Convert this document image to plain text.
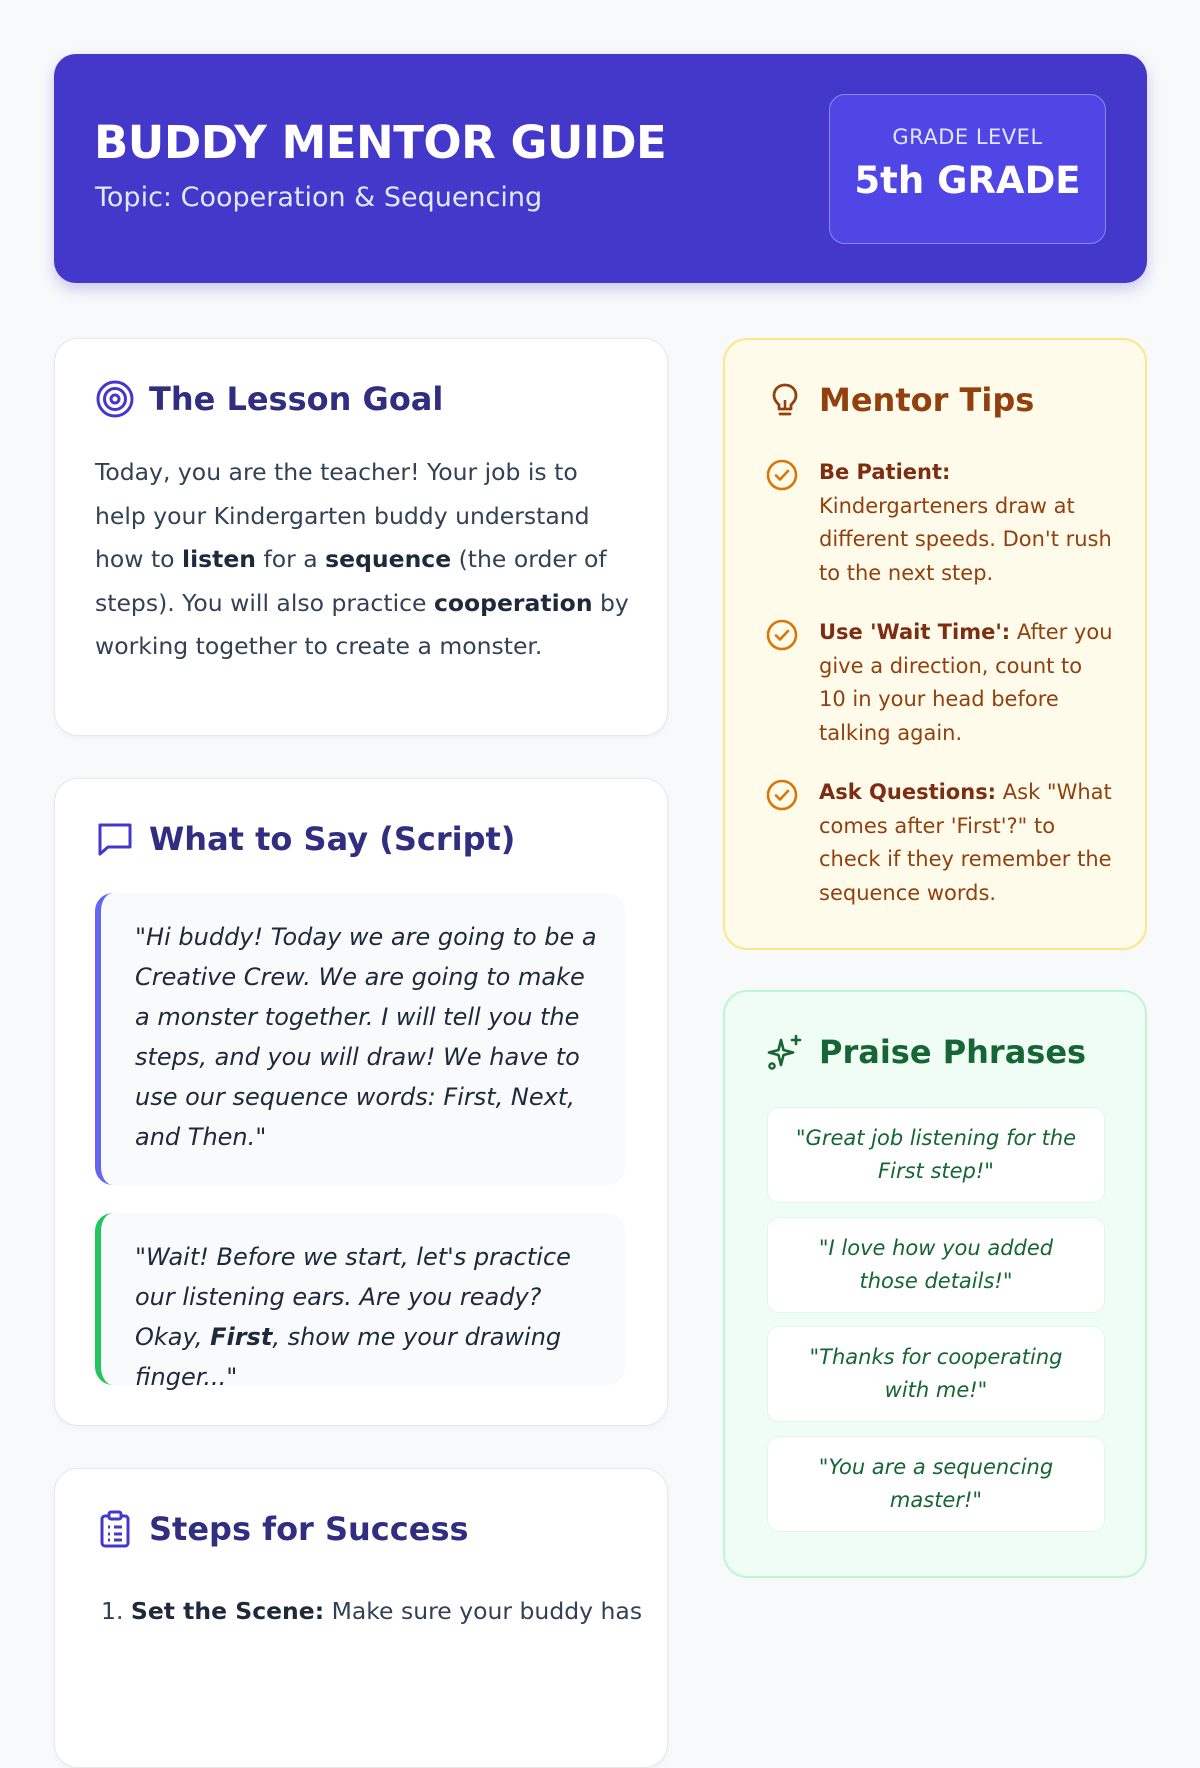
BUDDY MENTOR GUIDE
Topic: Cooperation & Sequencing
GRADE LEVEL
5th GRADE
The Lesson Goal
Today, you are the teacher! Your job is to help your Kindergarten buddy understand how to listen for a sequence (the order of steps). You will also practice cooperation by working together to create a monster.
What to Say (Script)
"Hi buddy! Today we are going to be a Creative Crew. We are going to make a monster together. I will tell you the steps, and you will draw! We have to use our sequence words: First, Next, and Then."
"Wait! Before we start, let's practice our listening ears. Are you ready? Okay, First, show me your drawing finger..."
Steps for Success
1. Set the Scene: Make sure your buddy has
Mentor Tips
Be Patient: Kindergarteners draw at different speeds. Don't rush to the next step.
Use 'Wait Time': After you give a direction, count to 10 in your head before talking again.
Ask Questions: Ask "What comes after 'First'?" to check if they remember the sequence words.
Praise Phrases
"Great job listening for the First step!"
"I love how you added those details!"
"Thanks for cooperating with me!"
"You are a sequencing master!"
